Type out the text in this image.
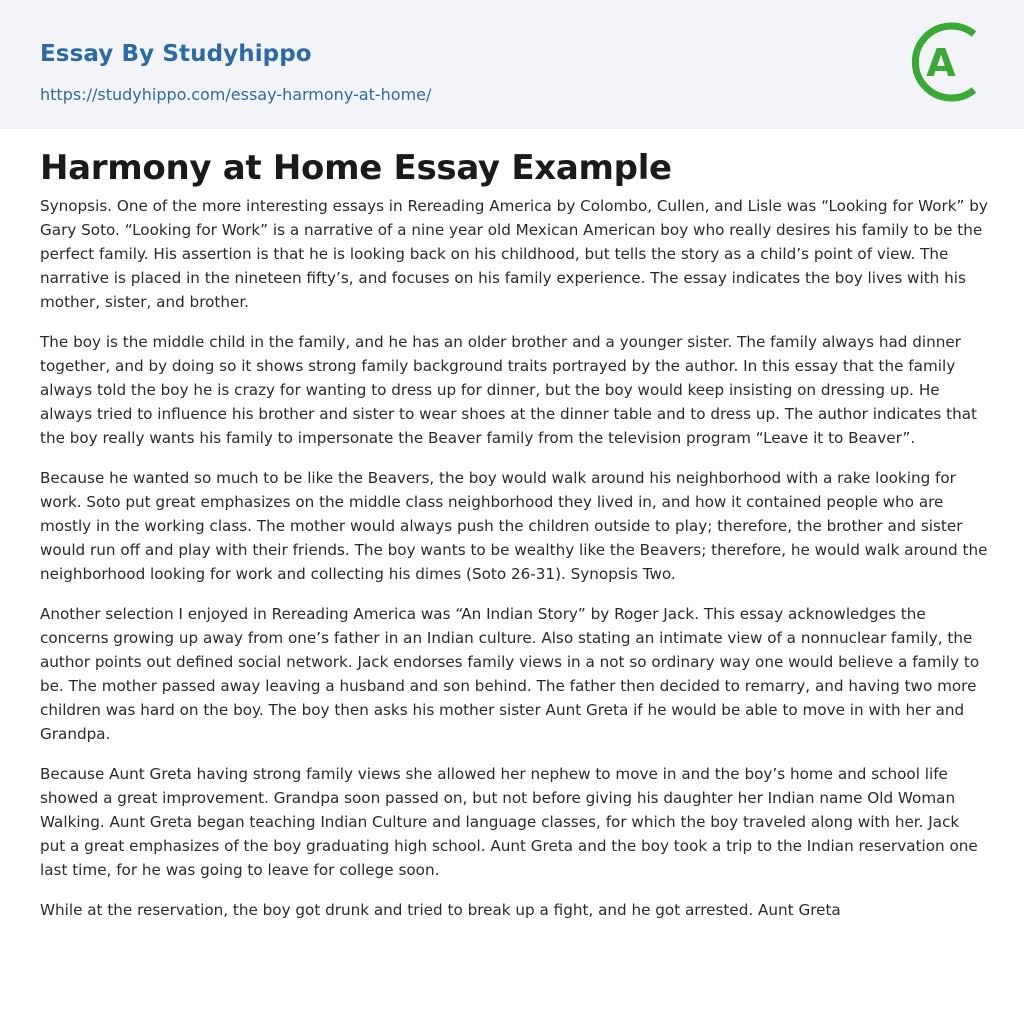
Essay By Studyhippo
https://studyhippo.com/essay-harmony-at-home/
A
Harmony at Home Essay Example

Synopsis. One of the more interesting essays in Rereading America by Colombo, Cullen, and Lisle was “Looking for Work” by Gary Soto. “Looking for Work” is a narrative of a nine year old Mexican American boy who really desires his family to be the perfect family. His assertion is that he is looking back on his childhood, but tells the story as a child’s point of view. The narrative is placed in the nineteen fifty’s, and focuses on his family experience. The essay indicates the boy lives with his mother, sister, and brother.

The boy is the middle child in the family, and he has an older brother and a younger sister. The family always had dinner together, and by doing so it shows strong family background traits portrayed by the author. In this essay that the family always told the boy he is crazy for wanting to dress up for dinner, but the boy would keep insisting on dressing up. He always tried to influence his brother and sister to wear shoes at the dinner table and to dress up. The author indicates that the boy really wants his family to impersonate the Beaver family from the television program “Leave it to Beaver”.

Because he wanted so much to be like the Beavers, the boy would walk around his neighborhood with a rake looking for work. Soto put great emphasizes on the middle class neighborhood they lived in, and how it contained people who are mostly in the working class. The mother would always push the children outside to play; therefore, the brother and sister would run off and play with their friends. The boy wants to be wealthy like the Beavers; therefore, he would walk around the neighborhood looking for work and collecting his dimes (Soto 26-31). Synopsis Two.

Another selection I enjoyed in Rereading America was “An Indian Story” by Roger Jack. This essay acknowledges the concerns growing up away from one’s father in an Indian culture. Also stating an intimate view of a nonnuclear family, the author points out defined social network. Jack endorses family views in a not so ordinary way one would believe a family to be. The mother passed away leaving a husband and son behind. The father then decided to remarry, and having two more children was hard on the boy. The boy then asks his mother sister Aunt Greta if he would be able to move in with her and Grandpa.

Because Aunt Greta having strong family views she allowed her nephew to move in and the boy’s home and school life showed a great improvement. Grandpa soon passed on, but not before giving his daughter her Indian name Old Woman Walking. Aunt Greta began teaching Indian Culture and language classes, for which the boy traveled along with her. Jack put a great emphasizes of the boy graduating high school. Aunt Greta and the boy took a trip to the Indian reservation one last time, for he was going to leave for college soon.

While at the reservation, the boy got drunk and tried to break up a fight, and he got arrested. Aunt Greta
